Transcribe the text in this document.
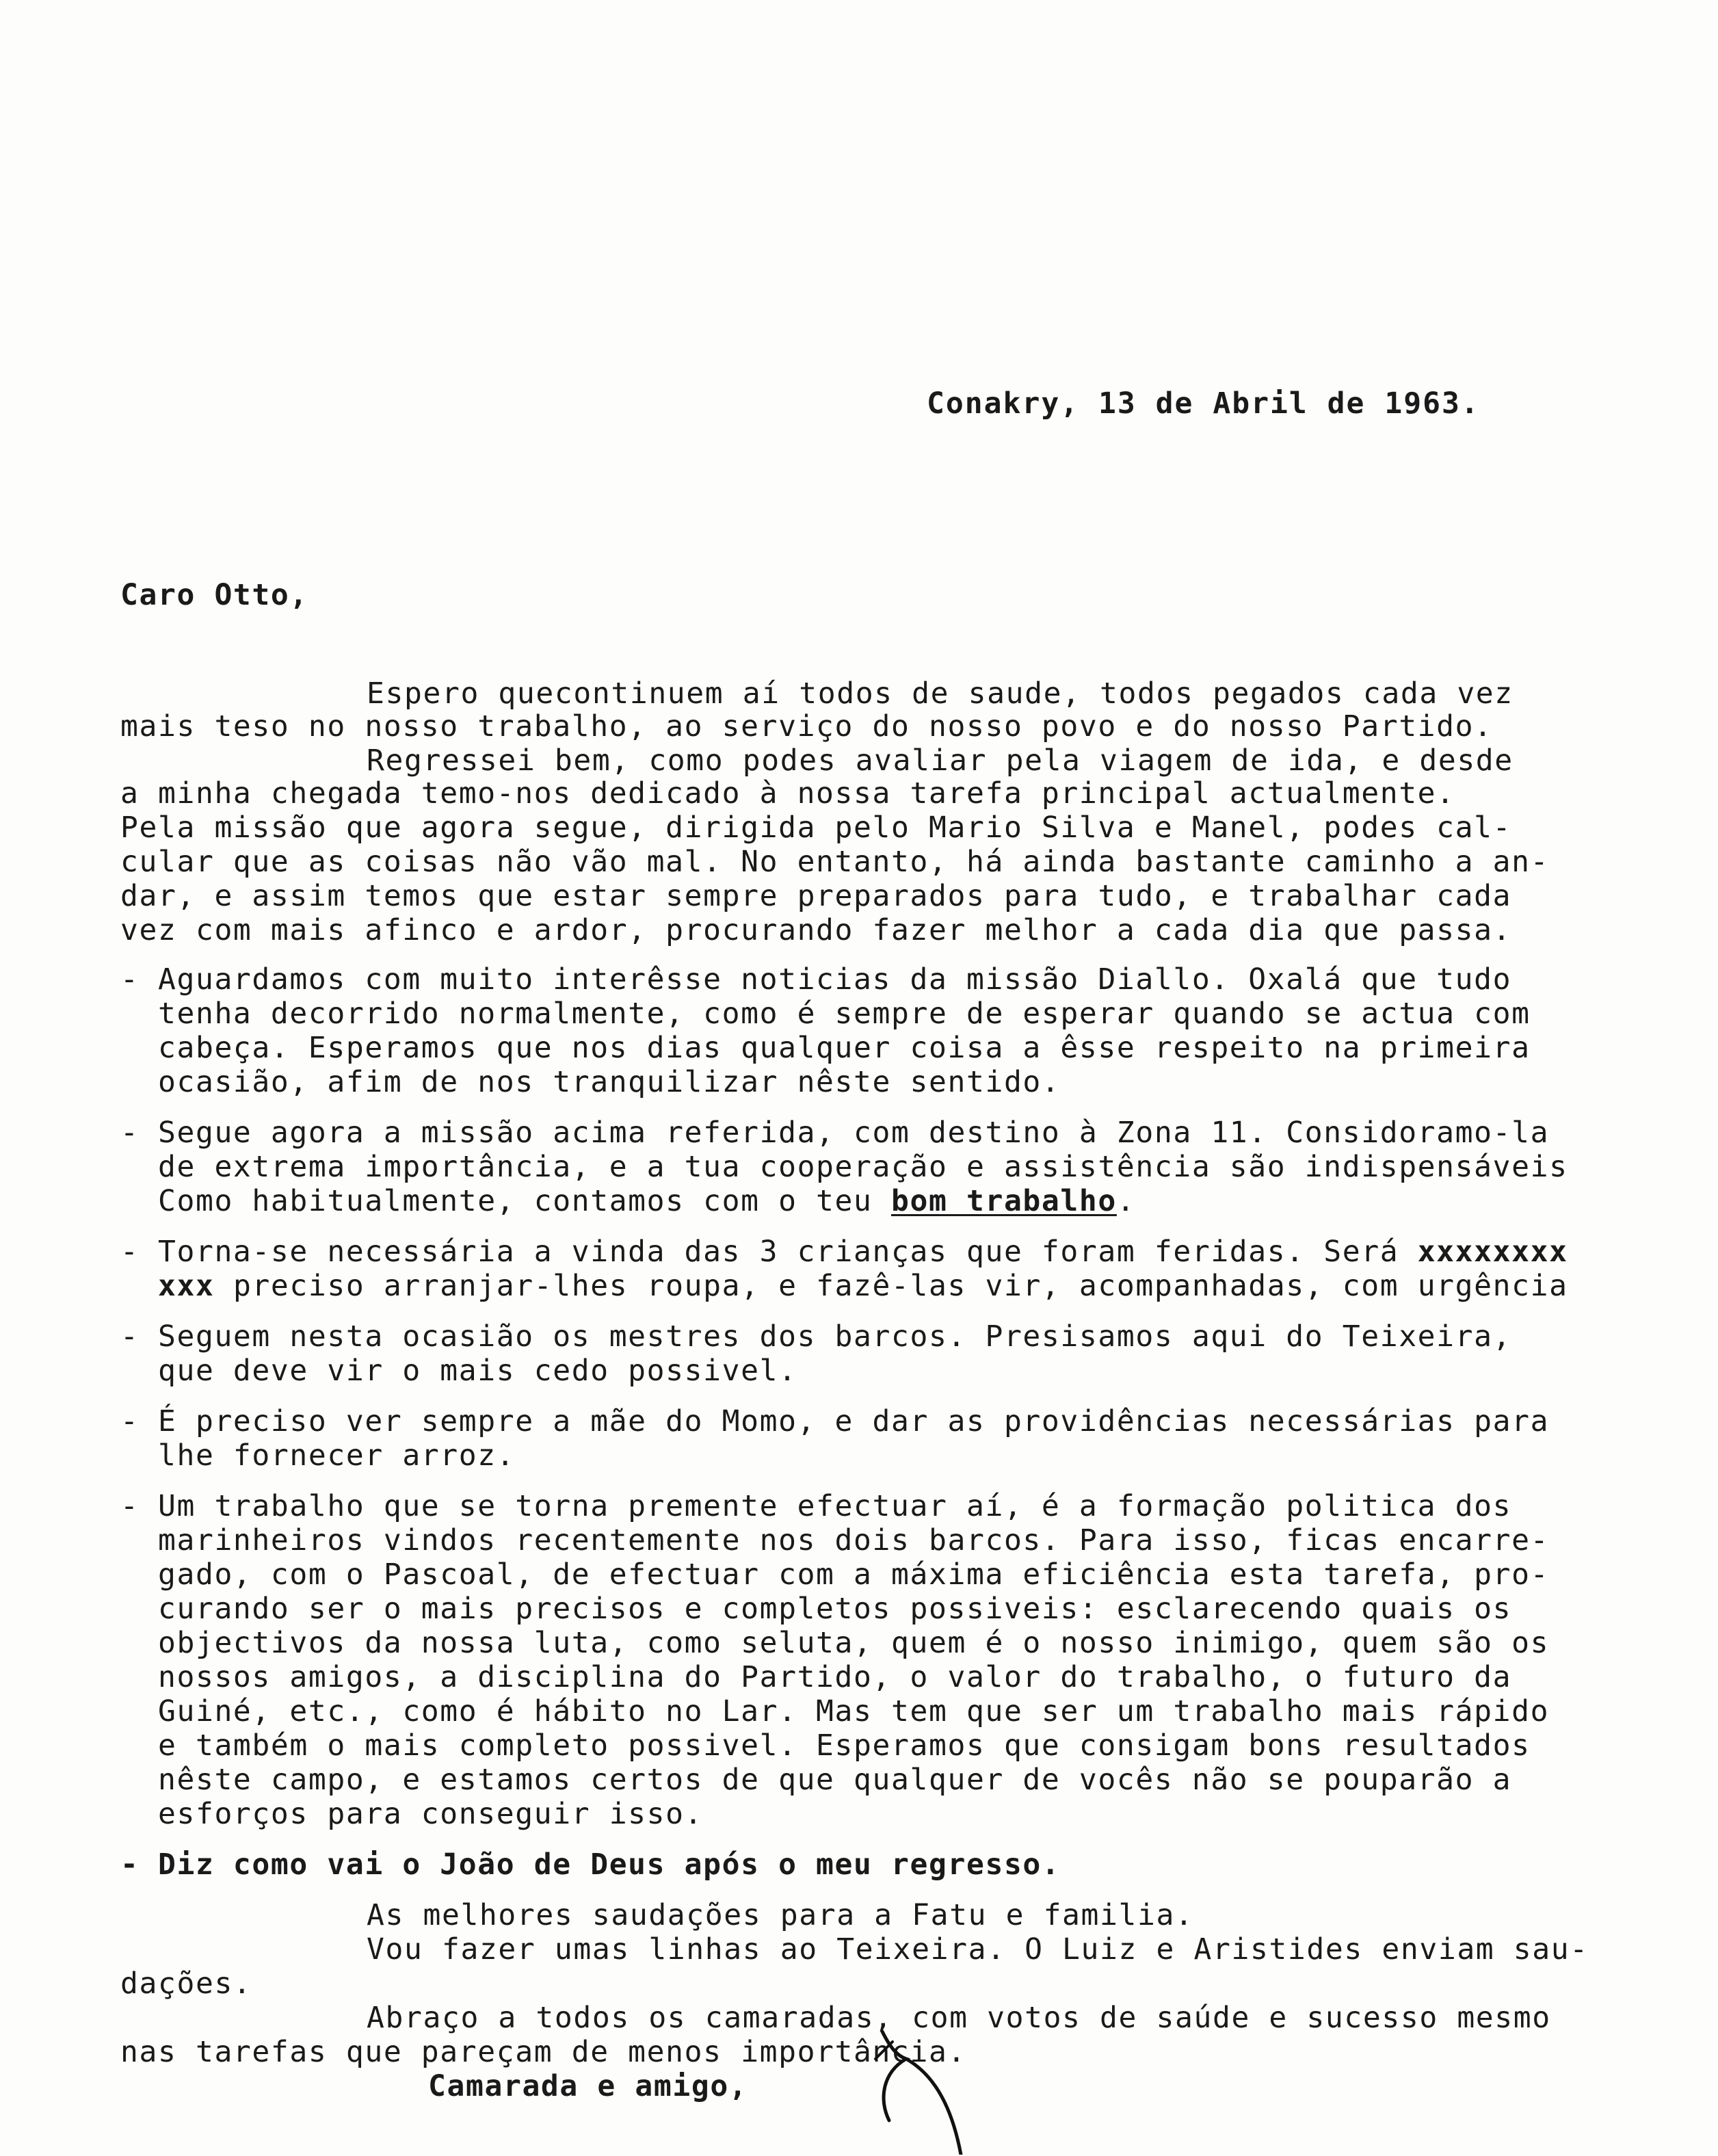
Conakry, 13 de Abril de 1963.
Caro Otto,
Espero quecontinuem aí todos de saude, todos pegados cada vez
mais teso no nosso trabalho, ao serviço do nosso povo e do nosso Partido.
Regressei bem, como podes avaliar pela viagem de ida, e desde
a minha chegada temo-nos dedicado à nossa tarefa principal actualmente.
Pela missão que agora segue, dirigida pelo Mario Silva e Manel, podes cal-
cular que as coisas não vão mal. No entanto, há ainda bastante caminho a an-
dar, e assim temos que estar sempre preparados para tudo, e trabalhar cada
vez com mais afinco e ardor, procurando fazer melhor a cada dia que passa.
- Aguardamos com muito interêsse noticias da missão Diallo. Oxalá que tudo
tenha decorrido normalmente, como é sempre de esperar quando se actua com
cabeça. Esperamos que nos dias qualquer coisa a êsse respeito na primeira
ocasião, afim de nos tranquilizar nêste sentido.
- Segue agora a missão acima referida, com destino à Zona 11. Considoramo-la
de extrema importância, e a tua cooperação e assistência são indispensáveis
Como habitualmente, contamos com o teu bom trabalho.
- Torna-se necessária a vinda das 3 crianças que foram feridas. Será xxxxxxxx
xxx preciso arranjar-lhes roupa, e fazê-las vir, acompanhadas, com urgência
- Seguem nesta ocasião os mestres dos barcos. Presisamos aqui do Teixeira,
que deve vir o mais cedo possivel.
- É preciso ver sempre a mãe do Momo, e dar as providências necessárias para
lhe fornecer arroz.
- Um trabalho que se torna premente efectuar aí, é a formação politica dos
marinheiros vindos recentemente nos dois barcos. Para isso, ficas encarre-
gado, com o Pascoal, de efectuar com a máxima eficiência esta tarefa, pro-
curando ser o mais precisos e completos possiveis: esclarecendo quais os
objectivos da nossa luta, como seluta, quem é o nosso inimigo, quem são os
nossos amigos, a disciplina do Partido, o valor do trabalho, o futuro da
Guiné, etc., como é hábito no Lar. Mas tem que ser um trabalho mais rápido
e também o mais completo possivel. Esperamos que consigam bons resultados
nêste campo, e estamos certos de que qualquer de vocês não se pouparão a
esforços para conseguir isso.
- Diz como vai o João de Deus após o meu regresso.
As melhores saudações para a Fatu e familia.
Vou fazer umas linhas ao Teixeira. O Luiz e Aristides enviam sau-
dações.
Abraço a todos os camaradas, com votos de saúde e sucesso mesmo
nas tarefas que pareçam de menos importância.
Camarada e amigo,
